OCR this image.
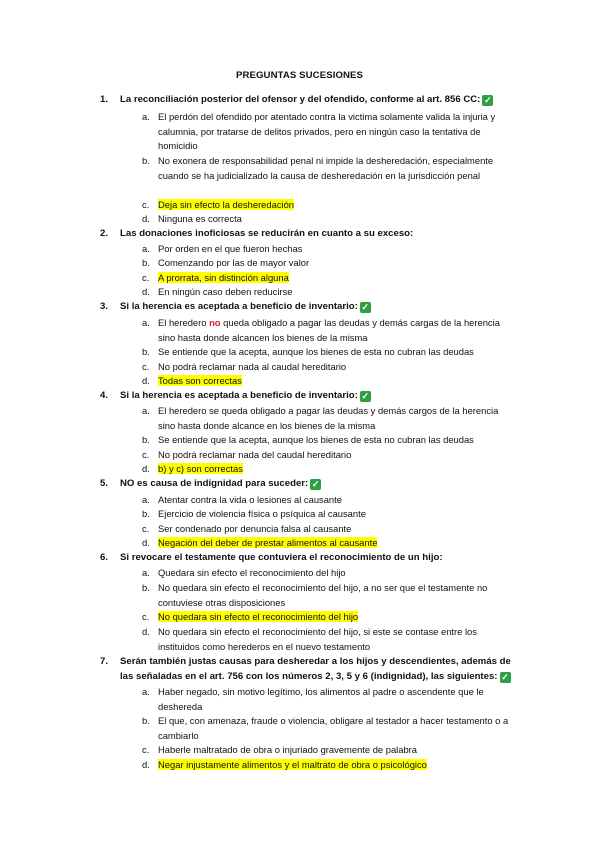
PREGUNTAS SUCESIONES
1. La reconciliación posterior del ofensor y del ofendido, conforme al art. 856 CC: ✓
a. El perdón del ofendido por atentado contra la victima solamente valida la injuria y calumnia, por tratarse de delitos privados, pero en ningún caso la tentativa de homicidio
b. No exonera de responsabilidad penal ni impide la desheredación, especialmente cuando se ha judicializado la causa de desheredación en la jurisdicción penal
c. Deja sin efecto la desheredación
d. Ninguna es correcta
2. Las donaciones inoficiosas se reducirán en cuanto a su exceso:
a. Por orden en el que fueron hechas
b. Comenzando por las de mayor valor
c. A prorrata, sin distinción alguna
d. En ningún caso deben reducirse
3. Si la herencia es aceptada a beneficio de inventario: ✓
a. El heredero no queda obligado a pagar las deudas y demás cargas de la herencia sino hasta donde alcancen los bienes de la misma
b. Se entiende que la acepta, aunque los bienes de esta no cubran las deudas
c. No podrá reclamar nada al caudal hereditario
d. Todas son correctas
4. Si la herencia es aceptada a beneficio de inventario: ✓
a. El heredero se queda obligado a pagar las deudas y demás cargos de la herencia sino hasta donde alcance en los bienes de la misma
b. Se entiende que la acepta, aunque los bienes de esta no cubran las deudas
c. No podrá reclamar nada del caudal hereditario
d. b) y c) son correctas
5. NO es causa de indignidad para suceder: ✓
a. Atentar contra la vida o lesiones al causante
b. Ejercicio de violencia física o psíquica al causante
c. Ser condenado por denuncia falsa al causante
d. Negación del deber de prestar alimentos al causante
6. Si revocare el testamente que contuviera el reconocimiento de un hijo:
a. Quedara sin efecto el reconocimiento del hijo
b. No quedara sin efecto el reconocimiento del hijo, a no ser que el testamente no contuviese otras disposiciones
c. No quedara sin efecto el reconocimiento del hijo
d. No quedara sin efecto el reconocimiento del hijo, si este se contase entre los instituidos como herederos en el nuevo testamento
7. Serán también justas causas para desheredar a los hijos y descendientes, además de las señaladas en el art. 756 con los números 2, 3, 5 y 6 (indignidad), las siguientes: ✓
a. Haber negado, sin motivo legítimo, los alimentos al padre o ascendente que le deshereda
b. El que, con amenaza, fraude o violencia, obligare al testador a hacer testamento o a cambiarlo
c. Haberle maltratado de obra o injuriado gravemente de palabra
d. Negar injustamente alimentos y el maltrato de obra o psicológico
